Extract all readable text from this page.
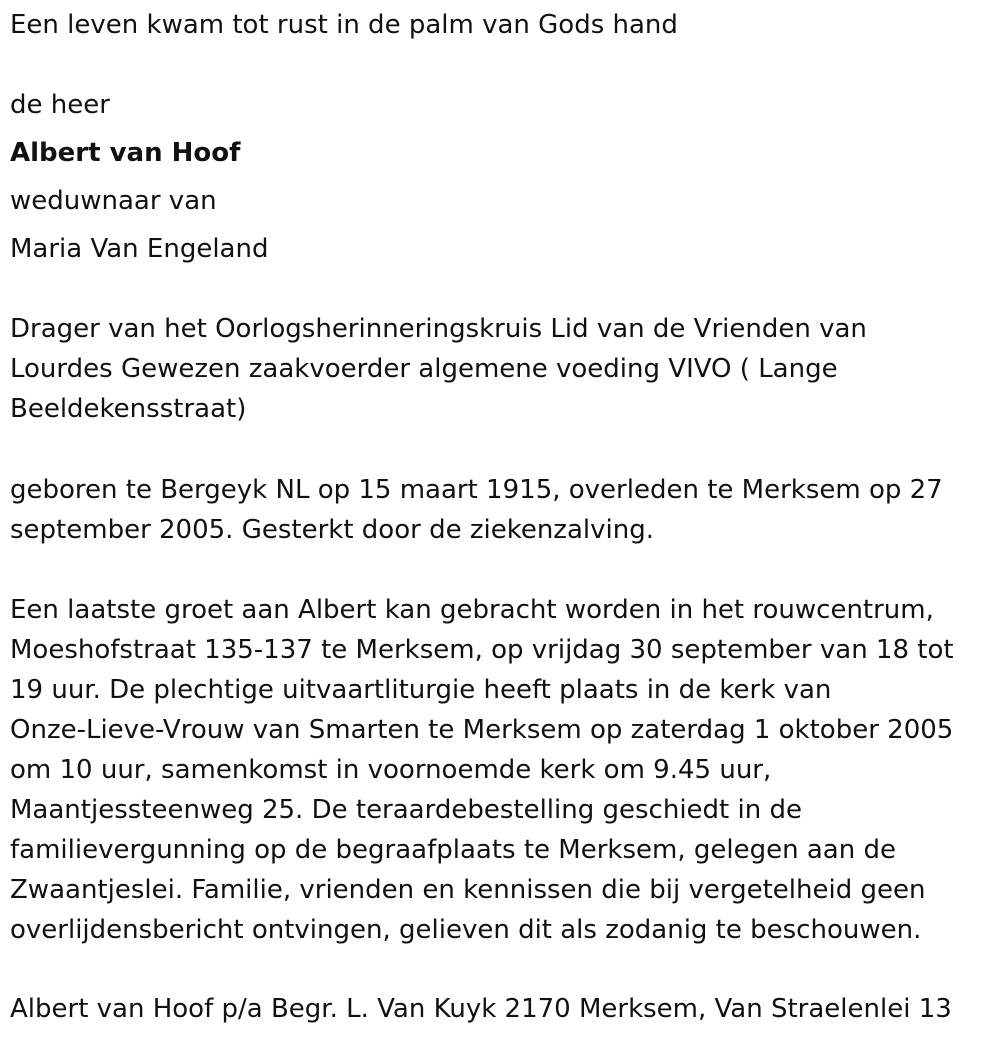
Een leven kwam tot rust in de palm van Gods hand

de heer

Albert van Hoof

weduwnaar van

Maria Van Engeland

Drager van het Oorlogsherinneringskruis Lid van de Vrienden van
Lourdes Gewezen zaakvoerder algemene voeding VIVO ( Lange
Beeldekensstraat)
geboren te Bergeyk NL op 15 maart 1915, overleden te Merksem op 27
september 2005. Gesterkt door de ziekenzalving.
Een laatste groet aan Albert kan gebracht worden in het rouwcentrum,
Moeshofstraat 135-137 te Merksem, op vrijdag 30 september van 18 tot
19 uur. De plechtige uitvaartliturgie heeft plaats in de kerk van
Onze-Lieve-Vrouw van Smarten te Merksem op zaterdag 1 oktober 2005
om 10 uur, samenkomst in voornoemde kerk om 9.45 uur,
Maantjessteenweg 25. De teraardebestelling geschiedt in de
familievergunning op de begraafplaats te Merksem, gelegen aan de
Zwaantjeslei. Familie, vrienden en kennissen die bij vergetelheid geen
overlijdensbericht ontvingen, gelieven dit als zodanig te beschouwen.

Albert van Hoof p/a Begr. L. Van Kuyk 2170 Merksem, Van Straelenlei 13
